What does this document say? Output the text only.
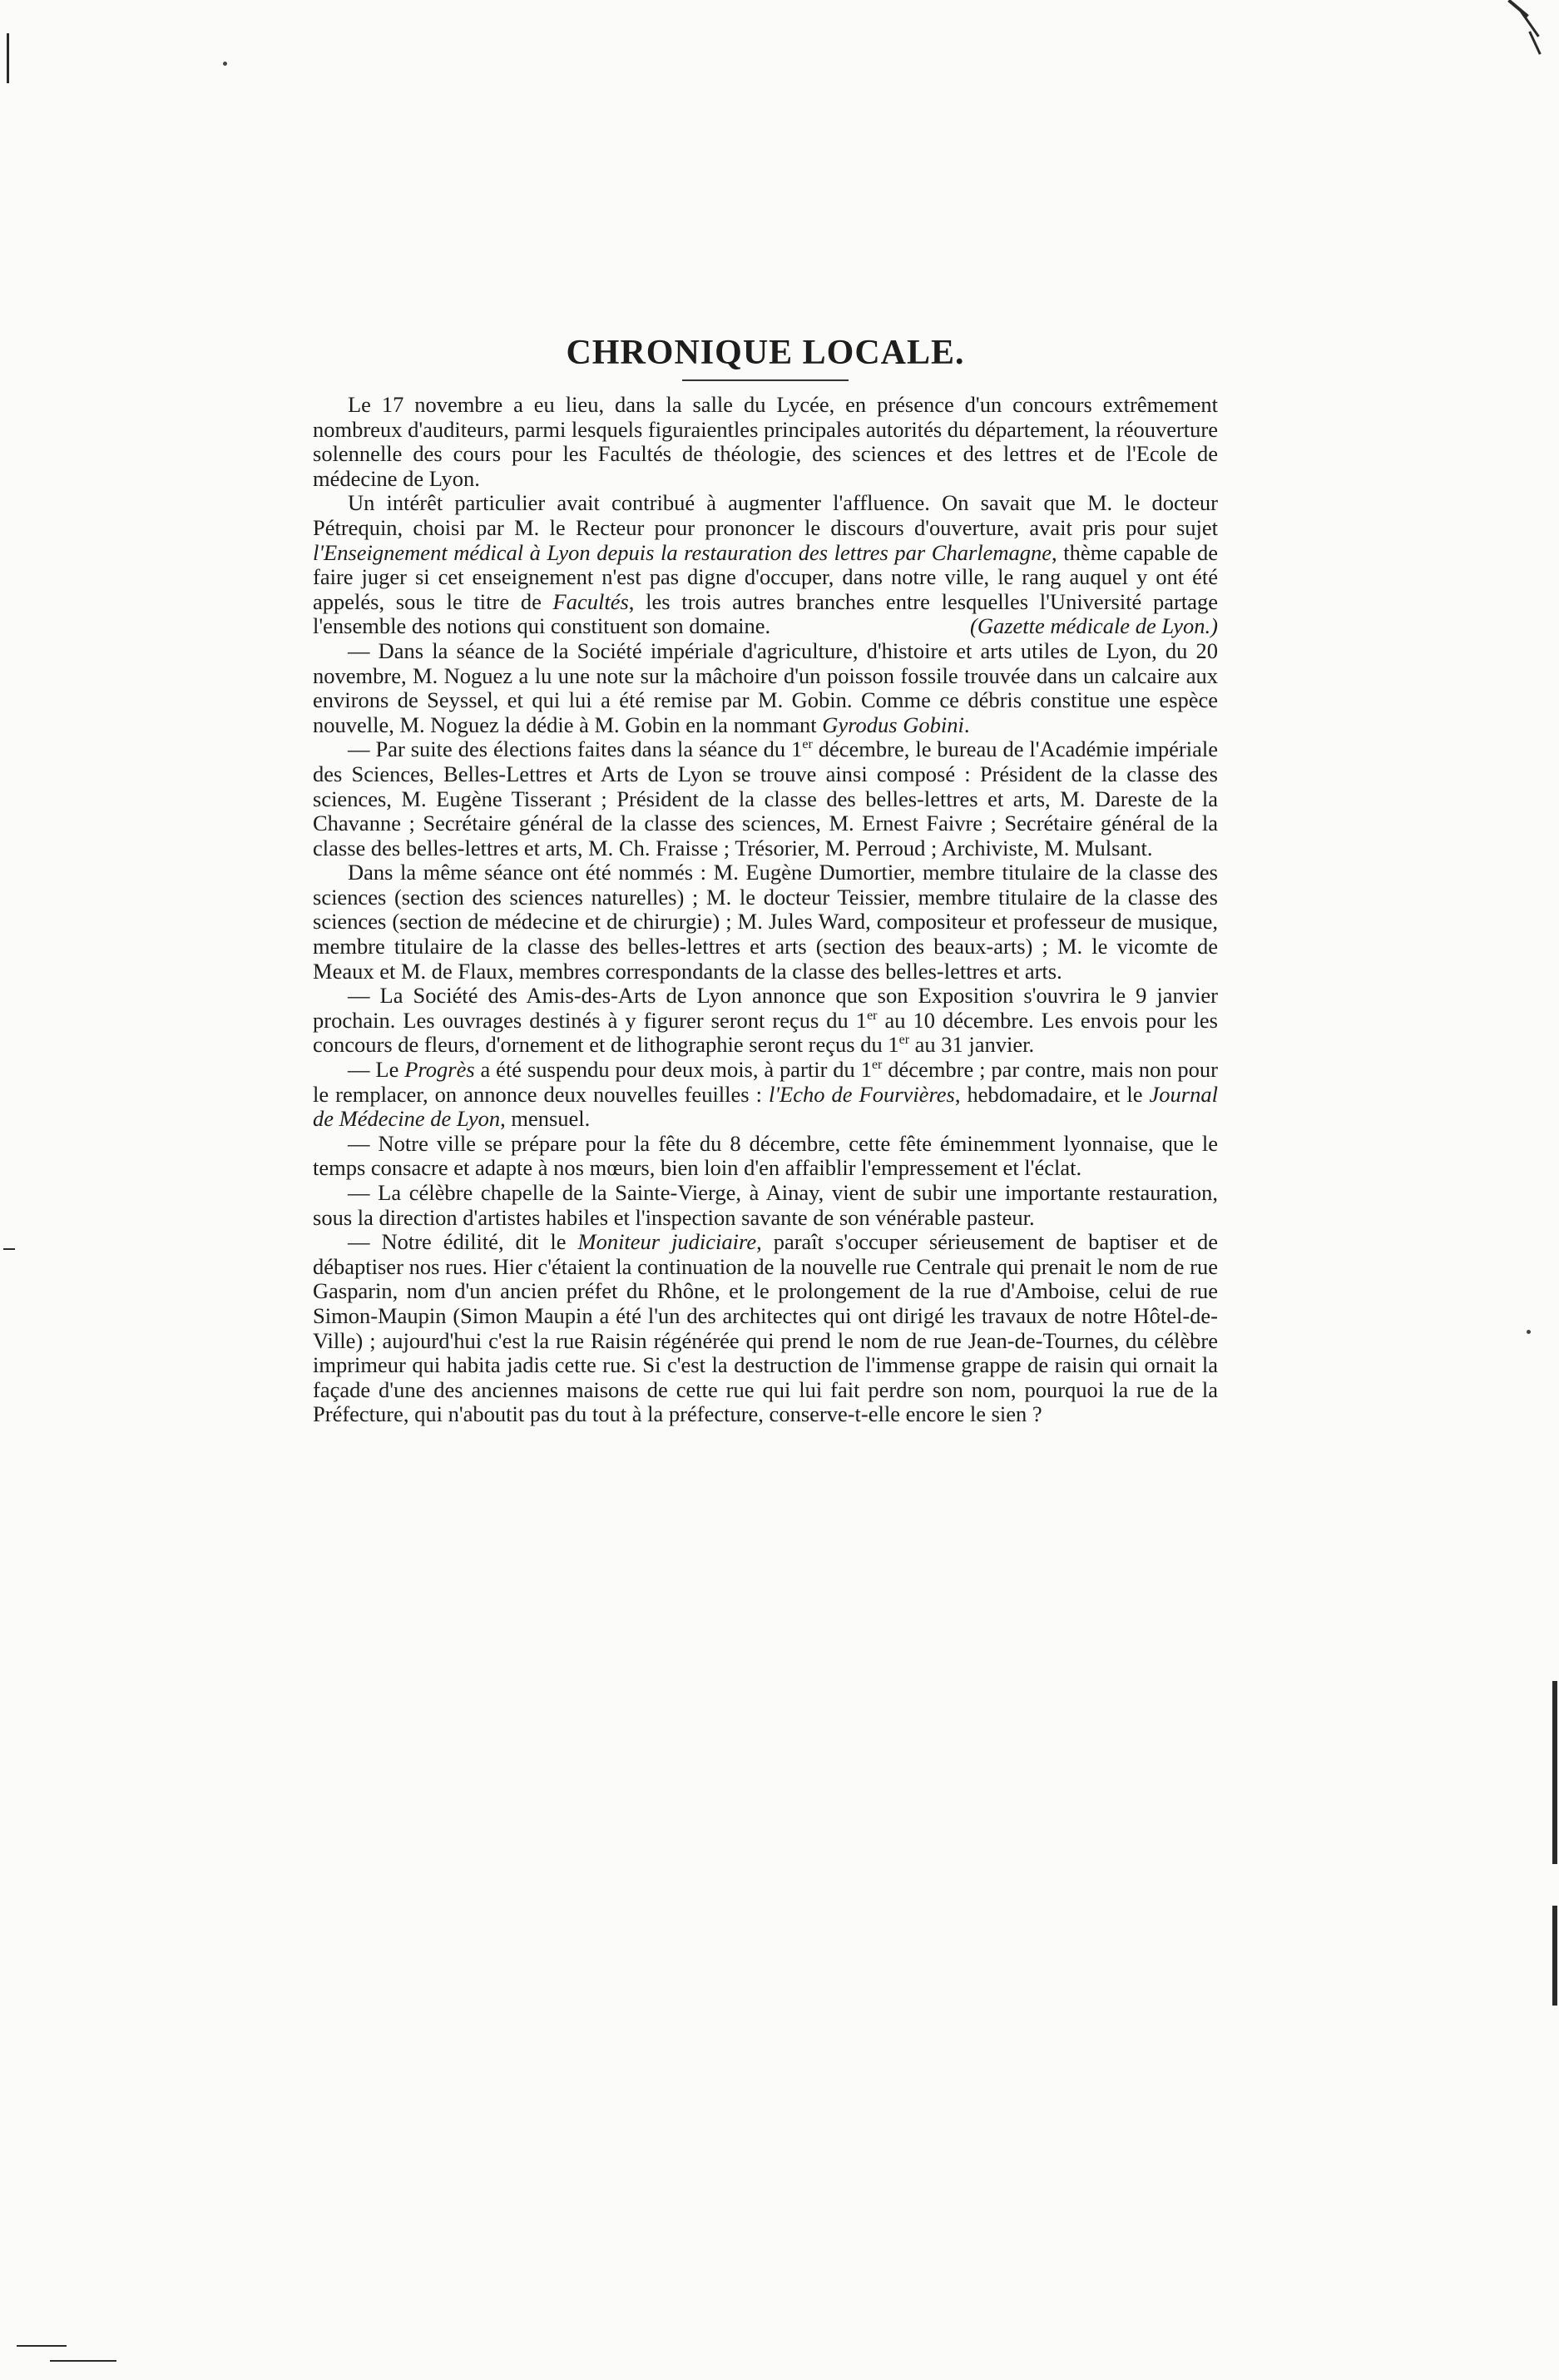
CHRONIQUE LOCALE.

Le 17 novembre a eu lieu, dans la salle du Lycée, en présence d'un concours extrêmement nombreux d'auditeurs, parmi lesquels figuraientles principales autorités du département, la réouverture solennelle des cours pour les Facultés de théologie, des sciences et des lettres et de l'Ecole de médecine de Lyon.

Un intérêt particulier avait contribué à augmenter l'affluence. On savait que M. le docteur Pétrequin, choisi par M. le Recteur pour prononcer le discours d'ouverture, avait pris pour sujet l'Enseignement médical à Lyon depuis la restauration des lettres par Charlemagne, thème capable de faire juger si cet enseignement n'est pas digne d'occuper, dans notre ville, le rang auquel y ont été appelés, sous le titre de Facultés, les trois autres branches entre lesquelles l'Université partage l'ensemble des notions qui constituent son domaine.	(Gazette médicale de Lyon.)

— Dans la séance de la Société impériale d'agriculture, d'histoire et arts utiles de Lyon, du 20 novembre, M. Noguez a lu une note sur la mâchoire d'un poisson fossile trouvée dans un calcaire aux environs de Seyssel, et qui lui a été remise par M. Gobin. Comme ce débris constitue une espèce nouvelle, M. Noguez la dédie à M. Gobin en la nommant Gyrodus Gobini.

— Par suite des élections faites dans la séance du 1er décembre, le bureau de l'Académie impériale des Sciences, Belles-Lettres et Arts de Lyon se trouve ainsi composé : Président de la classe des sciences, M. Eugène Tisserant ; Président de la classe des belles-lettres et arts, M. Dareste de la Chavanne ; Secrétaire général de la classe des sciences, M. Ernest Faivre ; Secrétaire général de la classe des belles-lettres et arts, M. Ch. Fraisse ; Trésorier, M. Perroud ; Archiviste, M. Mulsant.

Dans la même séance ont été nommés : M. Eugène Dumortier, membre titulaire de la classe des sciences (section des sciences naturelles) ; M. le docteur Teissier, membre titulaire de la classe des sciences (section de médecine et de chirurgie) ; M. Jules Ward, compositeur et professeur de musique, membre titulaire de la classe des belles-lettres et arts (section des beaux-arts) ; M. le vicomte de Meaux et M. de Flaux, membres correspondants de la classe des belles-lettres et arts.

— La Société des Amis-des-Arts de Lyon annonce que son Exposition s'ouvrira le 9 janvier prochain. Les ouvrages destinés à y figurer seront reçus du 1er au 10 décembre. Les envois pour les concours de fleurs, d'ornement et de lithographie seront reçus du 1er au 31 janvier.

— Le Progrès a été suspendu pour deux mois, à partir du 1er décembre ; par contre, mais non pour le remplacer, on annonce deux nouvelles feuilles : l'Echo de Fourvières, hebdomadaire, et le Journal de Médecine de Lyon, mensuel.

— Notre ville se prépare pour la fête du 8 décembre, cette fête éminemment lyonnaise, que le temps consacre et adapte à nos mœurs, bien loin d'en affaiblir l'empressement et l'éclat.

— La célèbre chapelle de la Sainte-Vierge, à Ainay, vient de subir une importante restauration, sous la direction d'artistes habiles et l'inspection savante de son vénérable pasteur.

— Notre édilité, dit le Moniteur judiciaire, paraît s'occuper sérieusement de baptiser et de débaptiser nos rues. Hier c'étaient la continuation de la nouvelle rue Centrale qui prenait le nom de rue Gasparin, nom d'un ancien préfet du Rhône, et le prolongement de la rue d'Amboise, celui de rue Simon-Maupin (Simon Maupin a été l'un des architectes qui ont dirigé les travaux de notre Hôtel-de-Ville) ; aujourd'hui c'est la rue Raisin régénérée qui prend le nom de rue Jean-de-Tournes, du célèbre imprimeur qui habita jadis cette rue. Si c'est la destruction de l'immense grappe de raisin qui ornait la façade d'une des anciennes maisons de cette rue qui lui fait perdre son nom, pourquoi la rue de la Préfecture, qui n'aboutit pas du tout à la préfecture, conserve-t-elle encore le sien ?
